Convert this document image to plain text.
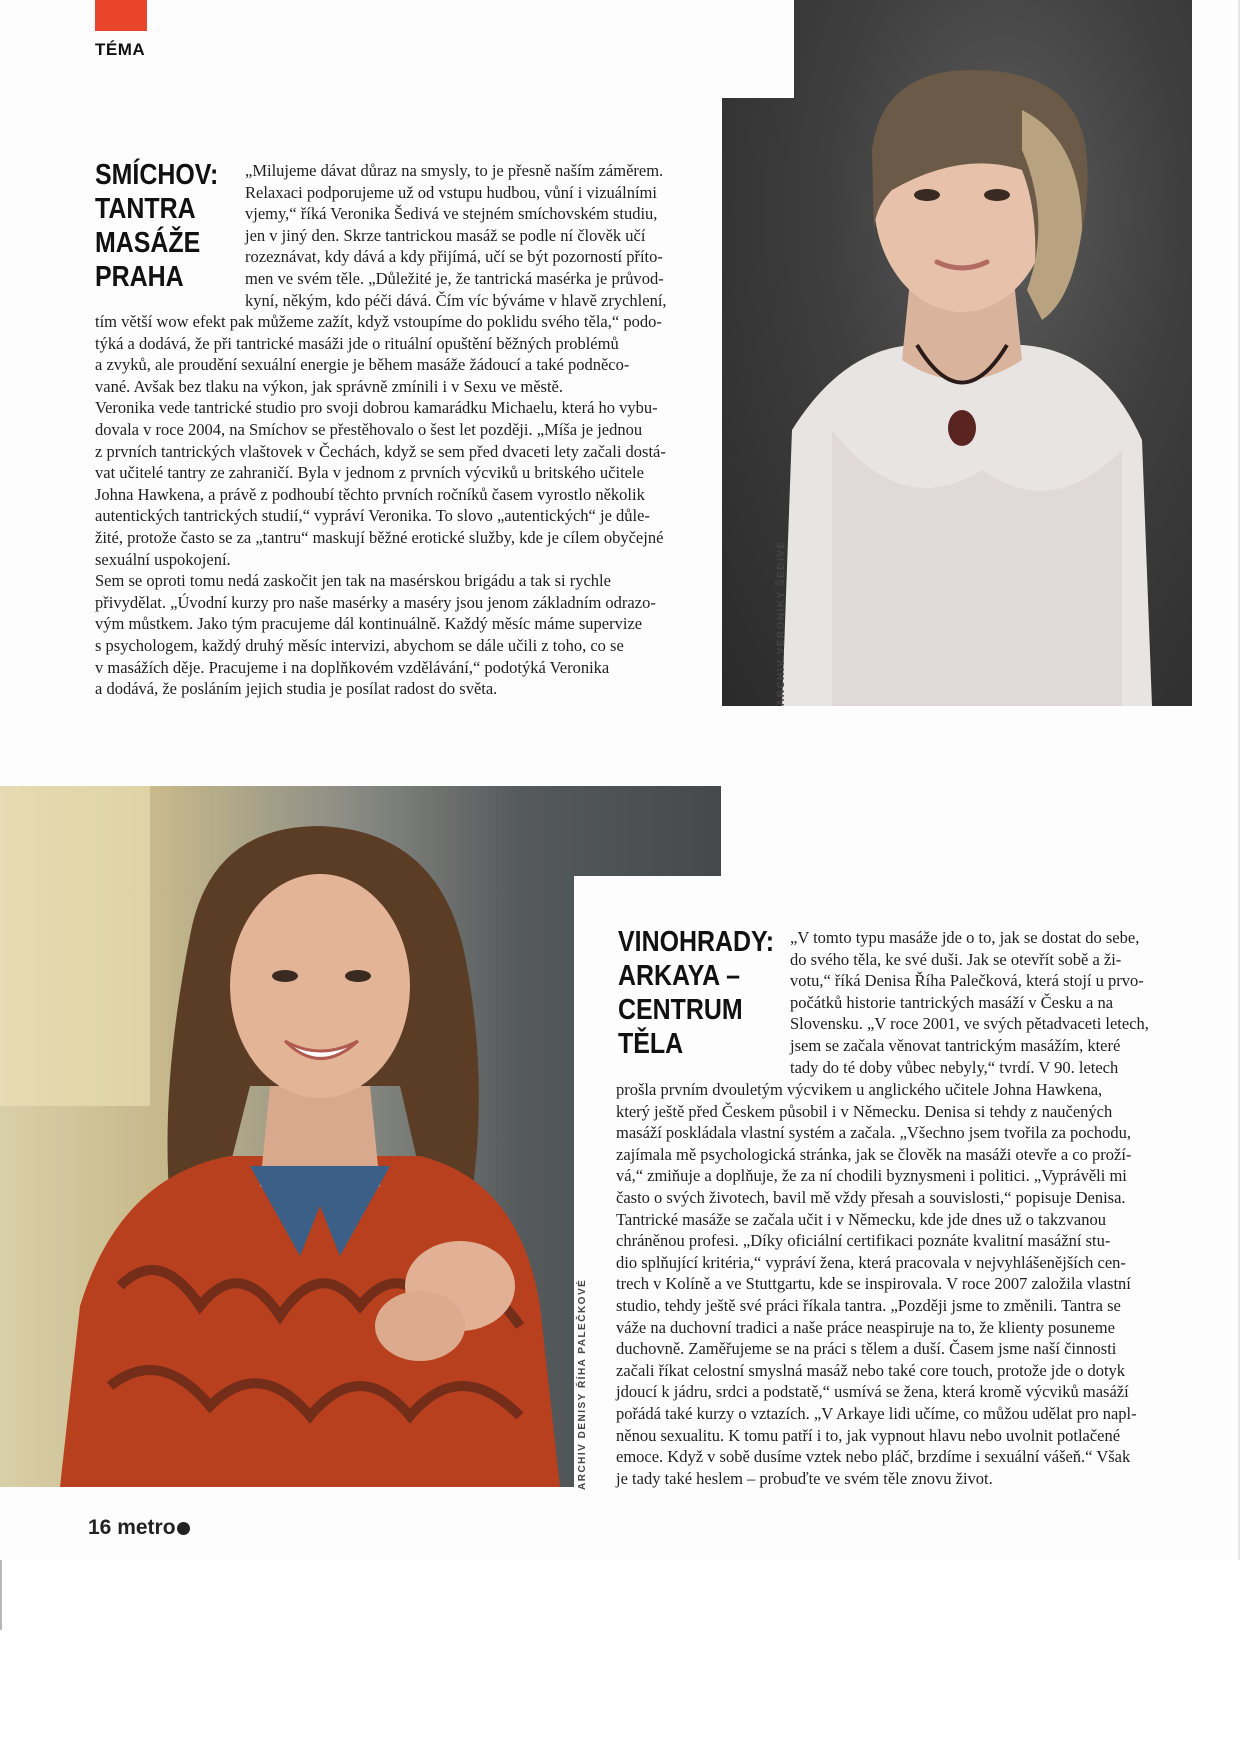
TÉMA
ARCHIV VERONIKY ŠEDIVÉ
ARCHIV DENISY ŘÍHA PALEČKOVÉ
SMÍCHOV:
TANTRA
MASÁŽE
PRAHA
„Milujeme dávat důraz na smysly, to je přesně naším záměrem.
Relaxaci podporujeme už od vstupu hudbou, vůní i vizuálními
vjemy,“ říká Veronika Šedivá ve stejném smíchovském studiu,
jen v jiný den. Skrze tantrickou masáž se podle ní člověk učí
rozeznávat, kdy dává a kdy přijímá, učí se být pozorností příto-
men ve svém těle. „Důležité je, že tantrická masérka je průvod-
kyní, někým, kdo péči dává. Čím víc býváme v hlavě zrychlení,
tím větší wow efekt pak můžeme zažít, když vstoupíme do poklidu svého těla,“ podo-
týká a dodává, že při tantrické masáži jde o rituální opuštění běžných problémů
a zvyků, ale proudění sexuální energie je během masáže žádoucí a také podněco-
vané. Avšak bez tlaku na výkon, jak správně zmínili i v Sexu ve městě.
Veronika vede tantrické studio pro svoji dobrou kamarádku Michaelu, která ho vybu-
dovala v roce 2004, na Smíchov se přestěhovalo o šest let později. „Míša je jednou
z prvních tantrických vlaštovek v Čechách, když se sem před dvaceti lety začali dostá-
vat učitelé tantry ze zahraničí. Byla v jednom z prvních výcviků u britského učitele
Johna Hawkena, a právě z podhoubí těchto prvních ročníků časem vyrostlo několik
autentických tantrických studií,“ vypráví Veronika. To slovo „autentických“ je důle-
žité, protože často se za „tantru“ maskují běžné erotické služby, kde je cílem obyčejné
sexuální uspokojení.
Sem se oproti tomu nedá zaskočit jen tak na masérskou brigádu a tak si rychle
přivydělat. „Úvodní kurzy pro naše masérky a maséry jsou jenom základním odrazo-
vým můstkem. Jako tým pracujeme dál kontinuálně. Každý měsíc máme supervize
s psychologem, každý druhý měsíc intervizi, abychom se dále učili z toho, co se
v masážích děje. Pracujeme i na doplňkovém vzdělávání,“ podotýká Veronika
a dodává, že posláním jejich studia je posílat radost do světa.
VINOHRADY:
ARKAYA –
CENTRUM
TĚLA
„V tomto typu masáže jde o to, jak se dostat do sebe,
do svého těla, ke své duši. Jak se otevřít sobě a ži-
votu,“ říká Denisa Říha Palečková, která stojí u prvo-
počátků historie tantrických masáží v Česku a na
Slovensku. „V roce 2001, ve svých pětadvaceti letech,
jsem se začala věnovat tantrickým masážím, které
tady do té doby vůbec nebyly,“ tvrdí. V 90. letech
prošla prvním dvouletým výcvikem u anglického učitele Johna Hawkena,
který ještě před Českem působil i v Německu. Denisa si tehdy z naučených
masáží poskládala vlastní systém a začala. „Všechno jsem tvořila za pochodu,
zajímala mě psychologická stránka, jak se člověk na masáži otevře a co proží-
vá,“ zmiňuje a doplňuje, že za ní chodili byznysmeni i politici. „Vyprávěli mi
často o svých životech, bavil mě vždy přesah a souvislosti,“ popisuje Denisa.
Tantrické masáže se začala učit i v Německu, kde jde dnes už o takzvanou
chráněnou profesi. „Díky oficiální certifikaci poznáte kvalitní masážní stu-
dio splňující kritéria,“ vypráví žena, která pracovala v nejvyhlášenějších cen-
trech v Kolíně a ve Stuttgartu, kde se inspirovala. V roce 2007 založila vlastní
studio, tehdy ještě své práci říkala tantra. „Později jsme to změnili. Tantra se
váže na duchovní tradici a naše práce neaspiruje na to, že klienty posuneme
duchovně. Zaměřujeme se na práci s tělem a duší. Časem jsme naší činnosti
začali říkat celostní smyslná masáž nebo také core touch, protože jde o dotyk
jdoucí k jádru, srdci a podstatě,“ usmívá se žena, která kromě výcviků masáží
pořádá také kurzy o vztazích. „V Arkaye lidi učíme, co můžou udělat pro napl-
něnou sexualitu. K tomu patří i to, jak vypnout hlavu nebo uvolnit potlačené
emoce. Když v sobě dusíme vztek nebo pláč, brzdíme i sexuální vášeň.“ Však
je tady také heslem – probuďte ve svém těle znovu život.
16 metro
